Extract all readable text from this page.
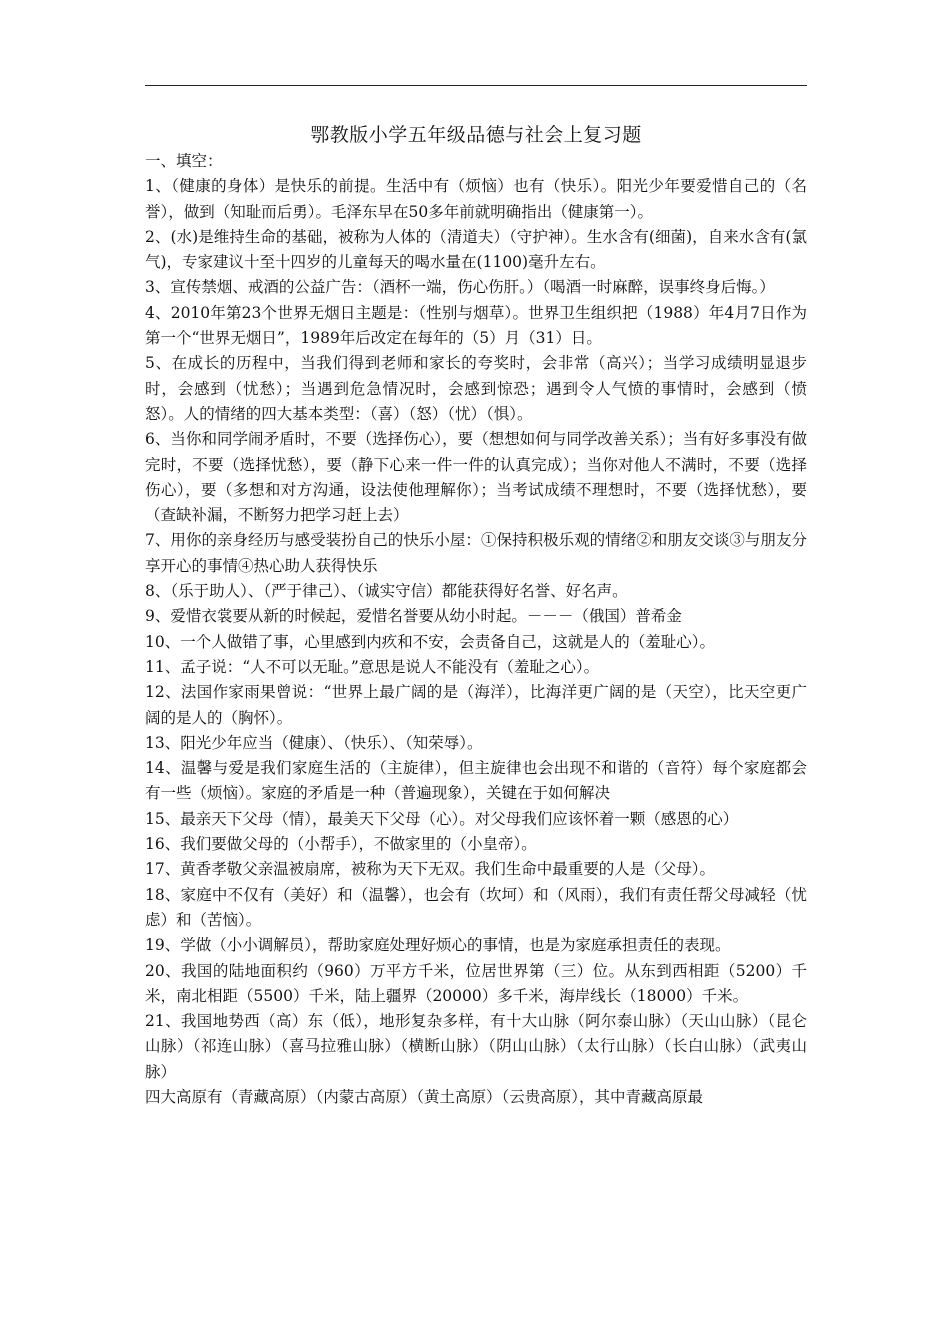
鄂教版小学五年级品德与社会上复习题

一、填空：

1、（健康的身体）是快乐的前提。生活中有（烦恼）也有（快乐）。阳光少年要爱惜自己的（名誉），做到（知耻而后勇）。毛泽东早在50多年前就明确指出（健康第一）。

2、(水)是维持生命的基础，被称为人体的（清道夫）（守护神）。生水含有(细菌)，自来水含有(氯气)，专家建议十至十四岁的儿童每天的喝水量在(1100)毫升左右。

3、宣传禁烟、戒酒的公益广告：（酒杯一端，伤心伤肝。）（喝酒一时麻醉，误事终身后悔。）

4、2010年第23个世界无烟日主题是：（性别与烟草）。世界卫生组织把（1988）年4月7日作为第一个“世界无烟日”，1989年后改定在每年的（5）月（31）日。

5、在成长的历程中，当我们得到老师和家长的夸奖时，会非常（高兴）；当学习成绩明显退步时，会感到（忧愁）；当遇到危急情况时，会感到惊恐；遇到令人气愤的事情时，会感到（愤怒）。人的情绪的四大基本类型：（喜）（怒）（忧）（惧）。

6、当你和同学闹矛盾时，不要（选择伤心），要（想想如何与同学改善关系）；当有好多事没有做完时，不要（选择忧愁），要（静下心来一件一件的认真完成）；当你对他人不满时，不要（选择伤心），要（多想和对方沟通，设法使他理解你）；当考试成绩不理想时，不要（选择忧愁），要（查缺补漏，不断努力把学习赶上去）

7、用你的亲身经历与感受装扮自己的快乐小屋：①保持积极乐观的情绪②和朋友交谈③与朋友分享开心的事情④热心助人获得快乐

8、（乐于助人）、（严于律己）、（诚实守信）都能获得好名誉、好名声。

9、爱惜衣裳要从新的时候起，爱惜名誉要从幼小时起。－－－（俄国）普希金

10、一个人做错了事，心里感到内疚和不安，会责备自己，这就是人的（羞耻心）。

11、孟子说：“人不可以无耻。”意思是说人不能没有（羞耻之心）。

12、法国作家雨果曾说：“世界上最广阔的是（海洋），比海洋更广阔的是（天空），比天空更广阔的是人的（胸怀）。

13、阳光少年应当（健康）、（快乐）、（知荣辱）。

14、温馨与爱是我们家庭生活的（主旋律），但主旋律也会出现不和谐的（音符）每个家庭都会有一些（烦恼）。家庭的矛盾是一种（普遍现象），关键在于如何解决

15、最亲天下父母（情），最美天下父母（心）。对父母我们应该怀着一颗（感恩的心）

16、我们要做父母的（小帮手），不做家里的（小皇帝）。

17、黄香孝敬父亲温被扇席，被称为天下无双。我们生命中最重要的人是（父母）。

18、家庭中不仅有（美好）和（温馨），也会有（坎坷）和（风雨），我们有责任帮父母减轻（忧虑）和（苦恼）。

19、学做（小小调解员），帮助家庭处理好烦心的事情，也是为家庭承担责任的表现。

20、我国的陆地面积约（960）万平方千米，位居世界第（三）位。从东到西相距（5200）千米，南北相距（5500）千米，陆上疆界（20000）多千米，海岸线长（18000）千米。

21、我国地势西（高）东（低），地形复杂多样，有十大山脉（阿尔泰山脉）（天山山脉）（昆仑山脉）（祁连山脉）（喜马拉雅山脉）（横断山脉）（阴山山脉）（太行山脉）（长白山脉）（武夷山脉）

四大高原有（青藏高原）（内蒙古高原）（黄土高原）（云贵高原），其中青藏高原最
